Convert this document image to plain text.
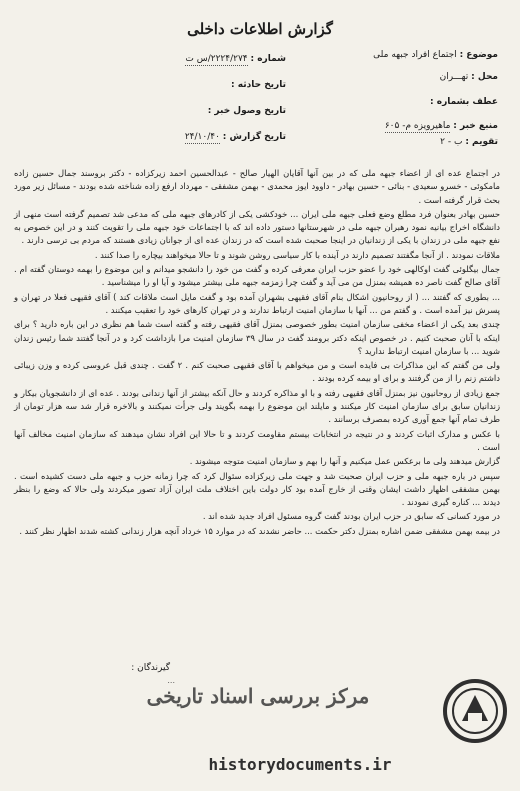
گزارش اطلاعات داخلی
موضوع : اجتماع افراد جبهه ملی
محل : تهـــران
عطف بشماره :
منبع خبر : ماهیرویزه م- ۶۰۵
تقویم : ب - ۲
شماره : ۲۲۲۴/۲۷۴/س ت
تاریخ حادثه :
تاریخ وصول خبر :
تاریخ گزارش : ۲۴/۱۰/۴۰

در اجتماع عده ای از اعضاء جبهه ملی که در بین آنها آقایان الهیار صالح - عبدالحسین احمد زیرکزاده - دکتر بروسند جمال حسین زاده مامکوئی - خسرو سعیدی - بنائی - حسین بهادر - داوود ایوز محمدی - بهمن مشفقی - مهرداد ارفع زاده شناخته شده بودند - مسائل زیر مورد بحث قرار گرفته است .

حسین بهادر بعنوان فرد مطلع وضع فعلی جبهه ملی ایران ... خودکشی یکی از کادرهای جبهه ملی که مدعی شد تصمیم گرفته است منهی از دانشگاه اخراج بیانیه نمود رهبران جبهه ملی در شهرستانها دستور داده اند که با اجتماعات خود جبهه ملی را تقویت کنند و در این خصوص به نفع جبهه ملی در زندان با یکی از زندانیان در اینجا صحبت شده است که در زندان عده ای از جوانان زیادی هستند که مردم بی ترسی دارند .

ملاقات نمودند . از آنجا مگفتند تصمیم دارند در آینده با کار سیاسی روشن شوند و تا حالا میخواهند بیچاره را صدا کنند .

جمال بیگلوئی گفت اوکالهی خود را عضو حزب ایران معرفی کرده و گفت من خود را دانشجو میدانم و این موضوع را بهمه دوستان گفته ام . آقای صالح گفت ناصر ده همیشه بمنزل من می آید و گفت چرا زمزمه جبهه ملی بیشتر میشود و آیا او را میشناسید .

... بطوری که گفتند ... ( از روحانیون اشکال بنام آقای فقیهی بشهران آمده بود و گفت مایل است ملاقات کند ) آقای فقیهی فعلا در تهران و پسرش نیز آمده است . و گفتم من ... آنها با سازمان امنیت ارتباط ندارند و در تهران کارهای خود را تعقیب میکنند .

چندی بعد یکی از اعضاء مخفی سازمان امنیت بطور خصوصی بمنزل آقای فقیهی رفته و گفته است شما هم نظری در این باره دارید ؟ برای اینکه با آنان صحبت کنیم . در خصوص اینکه دکتر برومند گفت در سال ۳۹ سازمان امنیت مرا بازداشت کرد و در آنجا گفتند شما رئیس زندان شوید ... با سازمان امنیت ارتباط ندارید ؟

ولی من گفتم که این مذاکرات بی فایده است و من میخواهم با آقای فقیهی صحبت کنم . ۲ گفت . چندی قبل عروسی کرده و وزن زیبائی داشتم زنم را از من گرفتند و برای او بیمه کرده بودند .

جمع زیادی از روحانیون نیز بمنزل آقای فقیهی رفته و با او مذاکره کردند و حال آنکه بیشتر از آنها زندانی بودند . عده ای از دانشجویان بیکار و زندانیان سابق برای سازمان امنیت کار میکنند و مایلند این موضوع را بهمه بگویند ولی جرأت نمیکنند و بالاخره قرار شد سه هزار تومان از طرف تمام آنها جمع آوری کرده بمصرف برسانند .

با عکس و مدارک اثبات کردند و در نتیجه در انتخابات بیستم مقاومت کردند و تا حالا این افراد نشان میدهند که سازمان امنیت مخالف آنها است .

گزارش میدهند ولی ما برعکس عمل میکنیم و آنها را بهم و سازمان امنیت متوجه میشوند .

سپس در باره جبهه ملی و حزب ایران صحبت شد و جهت ملی زیرکزاده سئوال کرد که چرا زمانه حزب و جبهه ملی دست کشیده است . بهمن مشفقی اظهار داشت ایشان وقتی از خارج آمده بود کار دولت باین اختلاف ملت ایران آزاد تصور میکردند ولی حالا که وضع را بنظر دیدند ... کناره گیری نمودند .

در مورد کسانی که سابق در حزب ایران بودند گفت گروه مسئول افراد جدید شده اند .

در بیمه بهمن مشفقی ضمن اشاره بمنزل دکتر حکمت ... حاضر نشدند که در موارد ۱۵ خرداد آنچه هزار زندانی کشته شدند اظهار نظر کنند .

گیرندگان :
...
مرکز بررسی اسناد تاریخی
historydocuments.ir
